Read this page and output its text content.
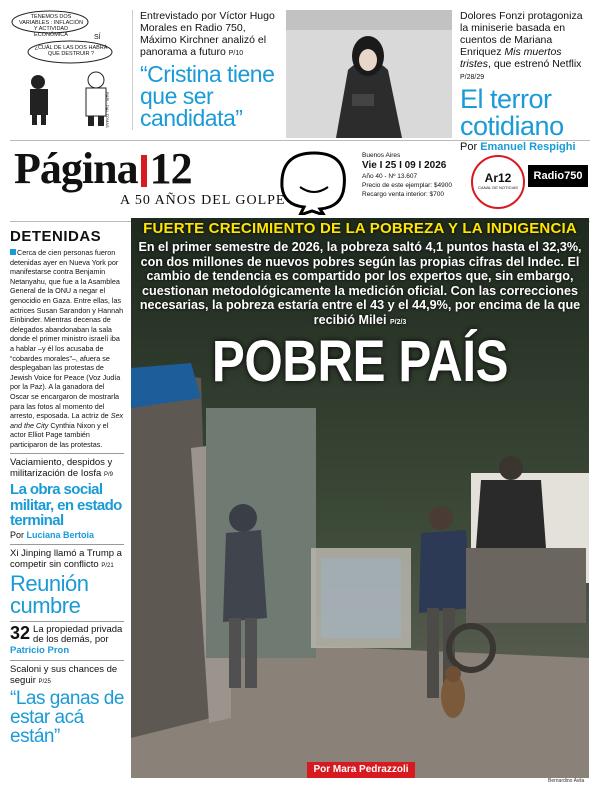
TENEMOS DOS VARIABLES : INFLACIÓN Y ACTIVIDAD ECONÓMICA	SÍ
¿CUÁL DE LAS DOS HABRÁ QUE DESTRUIR ?
RAPI · DAL TOMAS
Entrevistado por Víctor Hugo Morales en Radio 750, Máximo Kirchner analizó el panorama a futuro P/10
“Cristina tiene que ser candidata”
Dolores Fonzi protagoniza la miniserie basada en cuentos de Mariana Enriquez Mis muertos tristes, que estrenó Netflix P/28/29
El terror cotidiano
Por Emanuel Respighi
Página 12
A 50 AÑOS DEL GOLPE
Buenos Aires
Vie I 25 I 09 I 2026
Año 40 - Nº 13.607
Precio de este ejemplar: $4900
Recargo venta interior: $700
Ar12
CANAL DE NOTICIAS
Radio750
DETENIDAS
Cerca de cien personas fueron detenidas ayer en Nueva York por manifestarse contra Benjamin Netanyahu, que fue a la Asamblea General de la ONU a negar el genocidio en Gaza. Entre ellas, las actrices Susan Sarandon y Hannah Einbinder. Mientras decenas de delegados abandonaban la sala donde el primer ministro israelí iba a hablar –y él los acusaba de “cobardes morales”–, afuera se desplegaban las protestas de Jewish Voice for Peace (Voz Judía por la Paz). A la ganadora del Oscar se encargaron de mostrarla para las fotos al momento del arresto, esposada. La actriz de Sex and the City Cynthia Nixon y el actor Elliot Page también participaron de las protestas.
Vaciamiento, despidos y militarización de Iosfa P/9
La obra social militar, en estado terminal
Por Luciana Bertoia
Xi Jinping llamó a Trump a competir sin conflicto P/21
Reunión cumbre
32 La propiedad privada de los demás, por Patricio Pron
Scaloni y sus chances de seguir P/25
“Las ganas de estar acá están”
FUERTE CRECIMIENTO DE LA POBREZA Y LA INDIGENCIA
En el primer semestre de 2026, la pobreza saltó 4,1 puntos hasta el 32,3%, con dos millones de nuevos pobres según las propias cifras del Indec. El cambio de tendencia es compartido por los expertos que, sin embargo, cuestionan metodológicamente la medición oficial. Con las correcciones necesarias, la pobreza estaría entre el 43 y el 44,9%, por encima de la que recibió Milei P/2/3
POBRE PAÍS
Por Mara Pedrazzoli
Bernardino Avila
